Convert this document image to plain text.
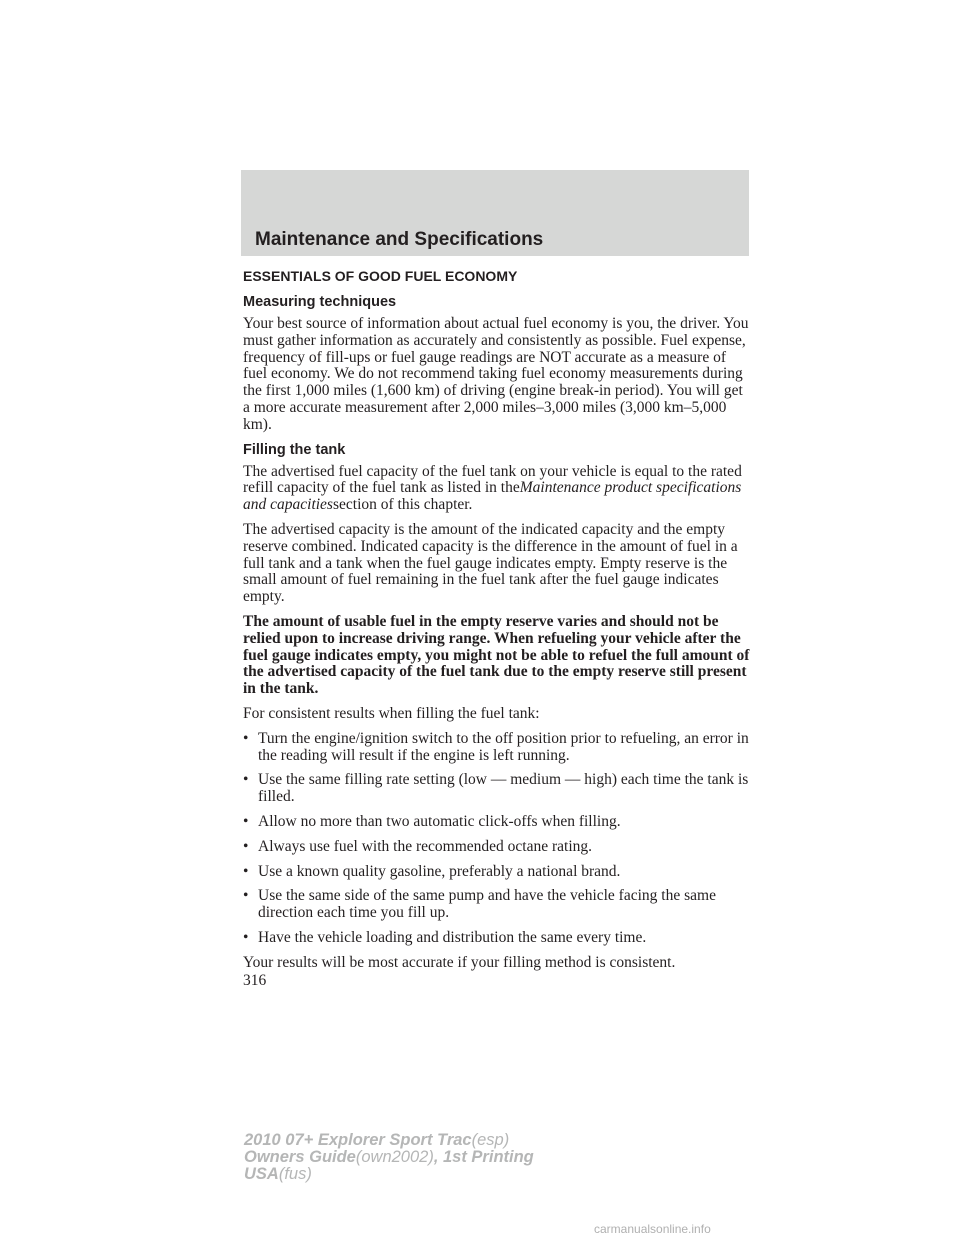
Maintenance and Specifications
ESSENTIALS OF GOOD FUEL ECONOMY
Measuring techniques

Your best source of information about actual fuel economy is you, the driver. You must gather information as accurately and consistently as possible. Fuel expense, frequency of fill-ups or fuel gauge readings are NOT accurate as a measure of fuel economy. We do not recommend taking fuel economy measurements during the first 1,000 miles (1,600 km) of driving (engine break-in period). You will get a more accurate measurement after 2,000 miles–3,000 miles (3,000 km–5,000 km).

Filling the tank

The advertised fuel capacity of the fuel tank on your vehicle is equal to the rated refill capacity of the fuel tank as listed in theMaintenance product specifications and capacitiessection of this chapter.

The advertised capacity is the amount of the indicated capacity and the empty reserve combined. Indicated capacity is the difference in the amount of fuel in a full tank and a tank when the fuel gauge indicates empty. Empty reserve is the small amount of fuel remaining in the fuel tank after the fuel gauge indicates empty.

The amount of usable fuel in the empty reserve varies and should not be relied upon to increase driving range. When refueling your vehicle after the fuel gauge indicates empty, you might not be able to refuel the full amount of the advertised capacity of the fuel tank due to the empty reserve still present in the tank.

For consistent results when filling the fuel tank:

• Turn the engine/ignition switch to the off position prior to refueling, an error in the reading will result if the engine is left running.
• Use the same filling rate setting (low — medium — high) each time the tank is filled.
• Allow no more than two automatic click-offs when filling.
• Always use fuel with the recommended octane rating.
• Use a known quality gasoline, preferably a national brand.
• Use the same side of the same pump and have the vehicle facing the same direction each time you fill up.
• Have the vehicle loading and distribution the same every time.

Your results will be most accurate if your filling method is consistent.

316

2010 07+ Explorer Sport Trac(esp)
Owners Guide(own2002), 1st Printing
USA(fus)
carmanualsonline.info
